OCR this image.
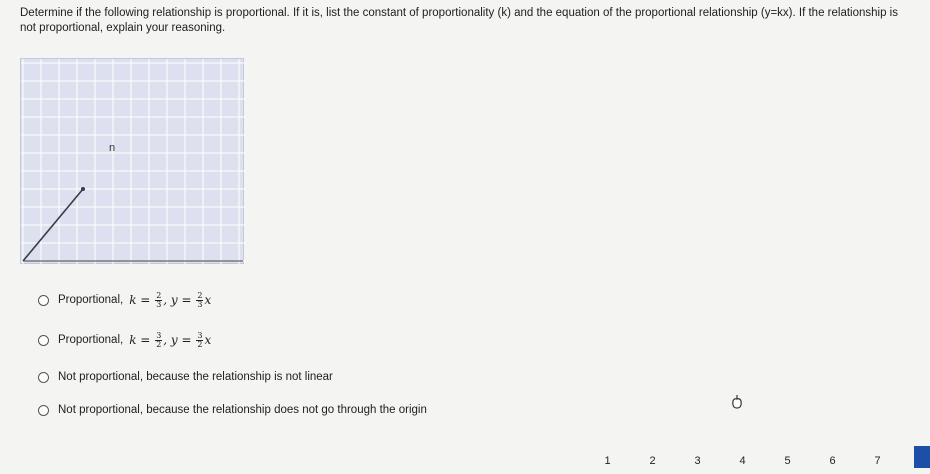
Determine if the following relationship is proportional. If it is, list the constant of proportionality (k) and the equation of the proportional relationship (y=kx). If the relationship is not proportional, explain your reasoning.
n
Proportional, $k = \frac{2}{3}$ , $y = \frac{2}{3}$ x
Proportional, $k = \frac{3}{2}$ , $y = \frac{3}{2}$ x
Not proportional, because the relationship is not linear
Not proportional, because the relationship does not go through the origin
1	2	3	4	5	6	7
